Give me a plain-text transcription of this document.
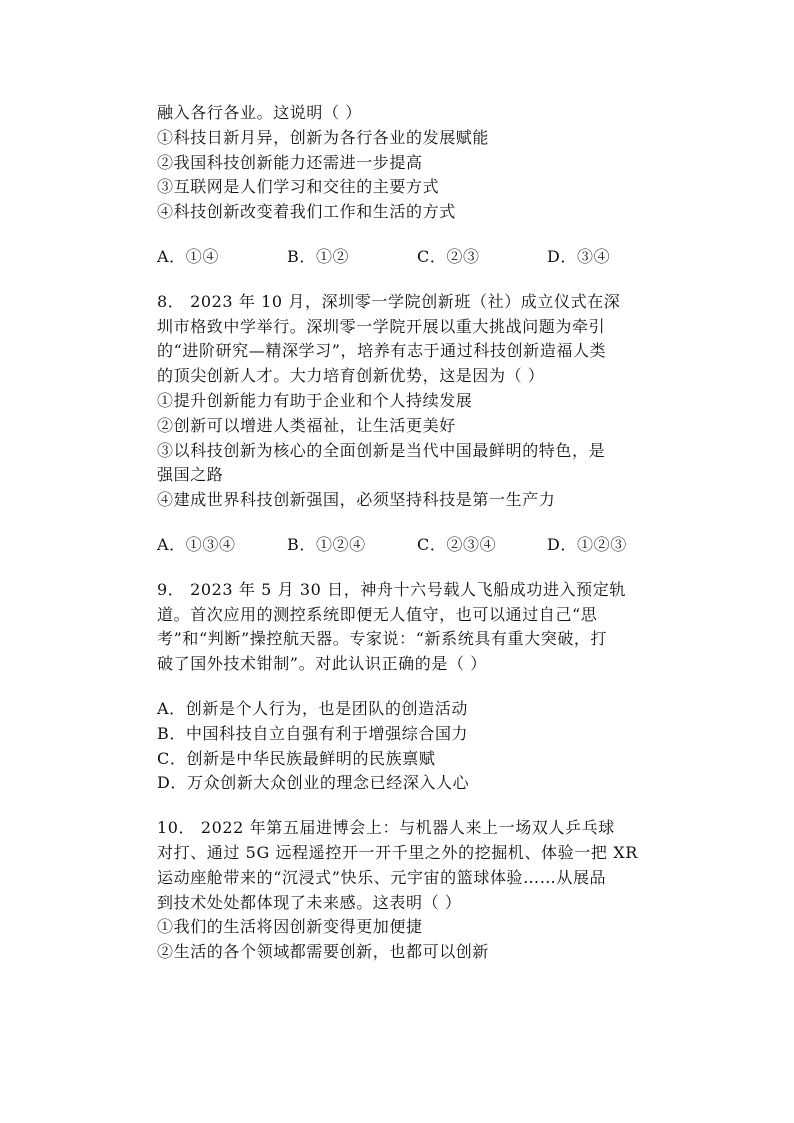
融入各行各业。这说明（ ）
①科技日新月异，创新为各行各业的发展赋能
②我国科技创新能力还需进一步提高
③互联网是人们学习和交往的主要方式
④科技创新改变着我们工作和生活的方式
A．①④	B．①②	C．②③	D．③④
8． 2023 年 10 月，深圳零一学院创新班（社）成立仪式在深
圳市格致中学举行。深圳零一学院开展以重大挑战问题为牵引
的“进阶研究—精深学习”，培养有志于通过科技创新造福人类
的顶尖创新人才。大力培育创新优势，这是因为（ ）
①提升创新能力有助于企业和个人持续发展
②创新可以增进人类福祉，让生活更美好
③以科技创新为核心的全面创新是当代中国最鲜明的特色，是
强国之路
④建成世界科技创新强国，必须坚持科技是第一生产力
A．①③④	B．①②④	C．②③④	D．①②③
9． 2023 年 5 月 30 日，神舟十六号载人飞船成功进入预定轨
道。首次应用的测控系统即便无人值守，也可以通过自己“思
考”和“判断”操控航天器。专家说：“新系统具有重大突破，打
破了国外技术钳制”。对此认识正确的是（ ）
A．创新是个人行为，也是团队的创造活动
B．中国科技自立自强有利于增强综合国力
C．创新是中华民族最鲜明的民族禀赋
D．万众创新大众创业的理念已经深入人心
10． 2022 年第五届进博会上：与机器人来上一场双人乒乓球
对打、通过 5G 远程遥控开一开千里之外的挖掘机、体验一把 XR
运动座舱带来的“沉浸式”快乐、元宇宙的篮球体验……从展品
到技术处处都体现了未来感。这表明（ ）
①我们的生活将因创新变得更加便捷
②生活的各个领域都需要创新，也都可以创新
